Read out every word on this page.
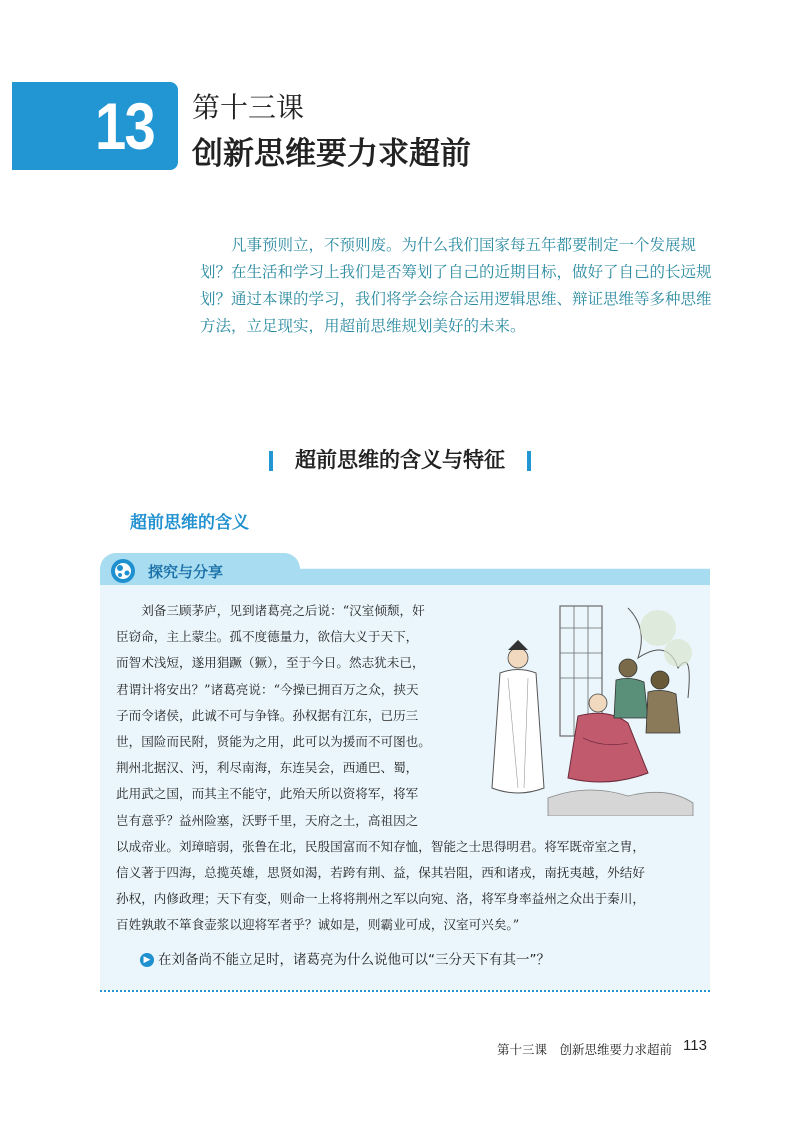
13	第十三课
创新思维要力求超前

凡事预则立，不预则废。为什么我们国家每五年都要制定一个发展规划？在生活和学习上我们是否筹划了自己的近期目标，做好了自己的长远规划？通过本课的学习，我们将学会综合运用逻辑思维、辩证思维等多种思维方法，立足现实，用超前思维规划美好的未来。

超前思维的含义与特征
超前思维的含义
探究与分享
刘备三顾茅庐，见到诸葛亮之后说：“汉室倾颓，奸
臣窃命，主上蒙尘。孤不度德量力，欲信大义于天下，
而智术浅短，遂用猖蹶（獗），至于今日。然志犹未已，
君谓计将安出？”诸葛亮说：“今操已拥百万之众，挟天
子而令诸侯，此诚不可与争锋。孙权据有江东，已历三
世，国险而民附，贤能为之用，此可以为援而不可图也。
荆州北据汉、沔，利尽南海，东连吴会，西通巴、蜀，
此用武之国，而其主不能守，此殆天所以资将军，将军
岂有意乎？益州险塞，沃野千里，天府之土，高祖因之
以成帝业。刘璋暗弱，张鲁在北，民殷国富而不知存恤，智能之士思得明君。将军既帝室之胄，
信义著于四海，总揽英雄，思贤如渴，若跨有荆、益，保其岩阻，西和诸戎，南抚夷越，外结好
孙权，内修政理；天下有变，则命一上将将荆州之军以向宛、洛，将军身率益州之众出于秦川，
百姓孰敢不箪食壶浆以迎将军者乎？诚如是，则霸业可成，汉室可兴矣。”
▶ 在刘备尚不能立足时，诸葛亮为什么说他可以“三分天下有其一”？
第十三课　创新思维要力求超前 113
